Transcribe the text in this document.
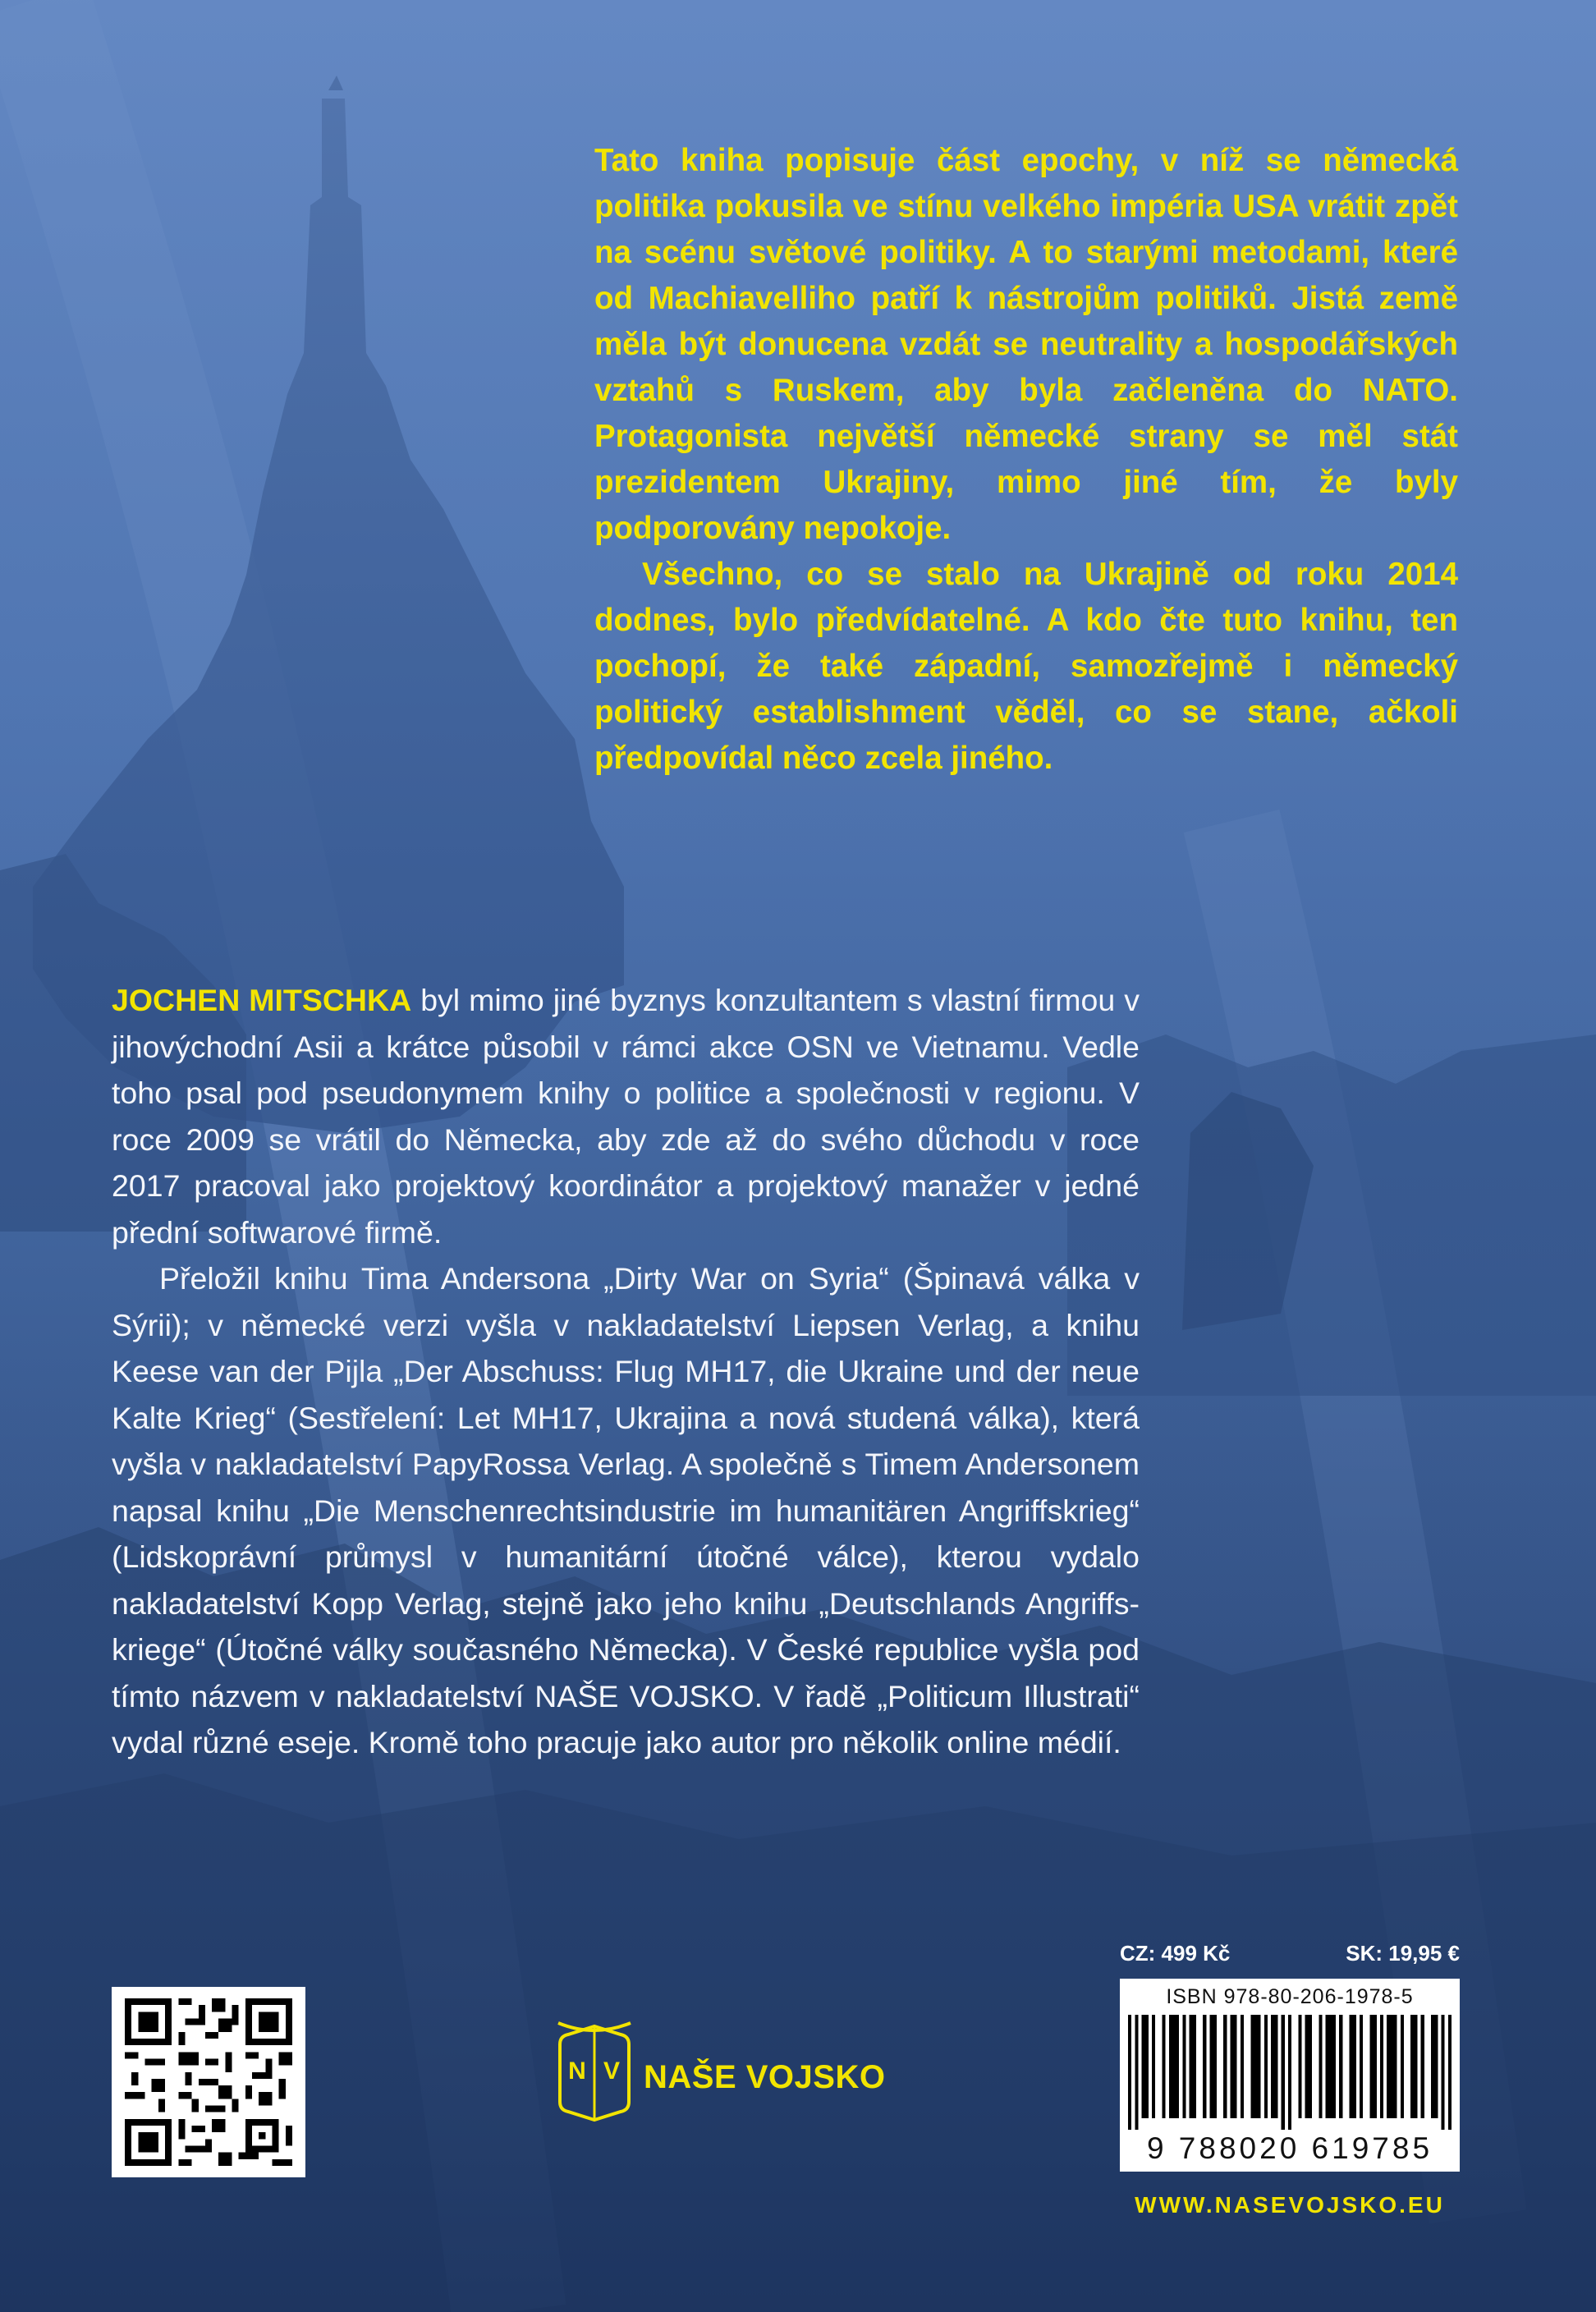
Tato kniha popisuje část epochy, v níž se německá politika pokusila ve stínu velkého impéria USA vrátit zpět na scénu světové politiky. A to starými metodami, které od Machiavelliho patří k nástrojům politiků. Jistá země měla být donucena vzdát se neutrality a hospodářských vztahů s Ruskem, aby byla začleněna do NATO. Protagonista největší německé strany se měl stát prezidentem Ukrajiny, mimo jiné tím, že byly podporovány nepokoje.

Všechno, co se stalo na Ukrajině od roku 2014 dodnes, bylo předvídatelné. A kdo čte tuto knihu, ten pochopí, že také západní, samozřejmě i německý politický establishment věděl, co se stane, ačkoli předpovídal něco zcela jiného.

JOCHEN MITSCHKA byl mimo jiné byznys konzultantem s vlastní firmou v jihovýchodní Asii a krátce působil v rámci akce OSN ve Vietnamu. Vedle toho psal pod pseudonymem knihy o politice a společnosti v regionu. V roce 2009 se vrátil do Německa, aby zde až do svého důchodu v roce 2017 pracoval jako projektový koordinátor a projektový manažer v jedné přední softwarové firmě.

Přeložil knihu Tima Andersona „Dirty War on Syria“ (Špinavá válka v Sýrii); v německé verzi vyšla v nakladatelství Liepsen Verlag, a knihu Keese van der Pijla „Der Abschuss: Flug MH17, die Ukraine und der neue Kalte Krieg“ (Sestřelení: Let MH17, Ukrajina a nová studená válka), která vyšla v nakladatelství PapyRossa Verlag. A společně s Timem Andersonem napsal knihu „Die Menschenrechtsindustrie im humanitären Angriffskrieg“ (Lidskoprávní průmysl v humanitární útočné válce), kterou vydalo nakladatelství Kopp Verlag, stejně jako jeho knihu „Deutschlands Angriffs-kriege“ (Útočné války současného Německa). V České republice vyšla pod tímto názvem v nakladatelství NAŠE VOJSKO. V řadě „Politicum Illustrati“ vydal různé eseje. Kromě toho pracuje jako autor pro několik online médií.

N V NAŠE VOJSKO
CZ: 499 Kč	SK: 19,95 €
ISBN 978-80-206-1978-5
9 788020 619785
WWW.NASEVOJSKO.EU
